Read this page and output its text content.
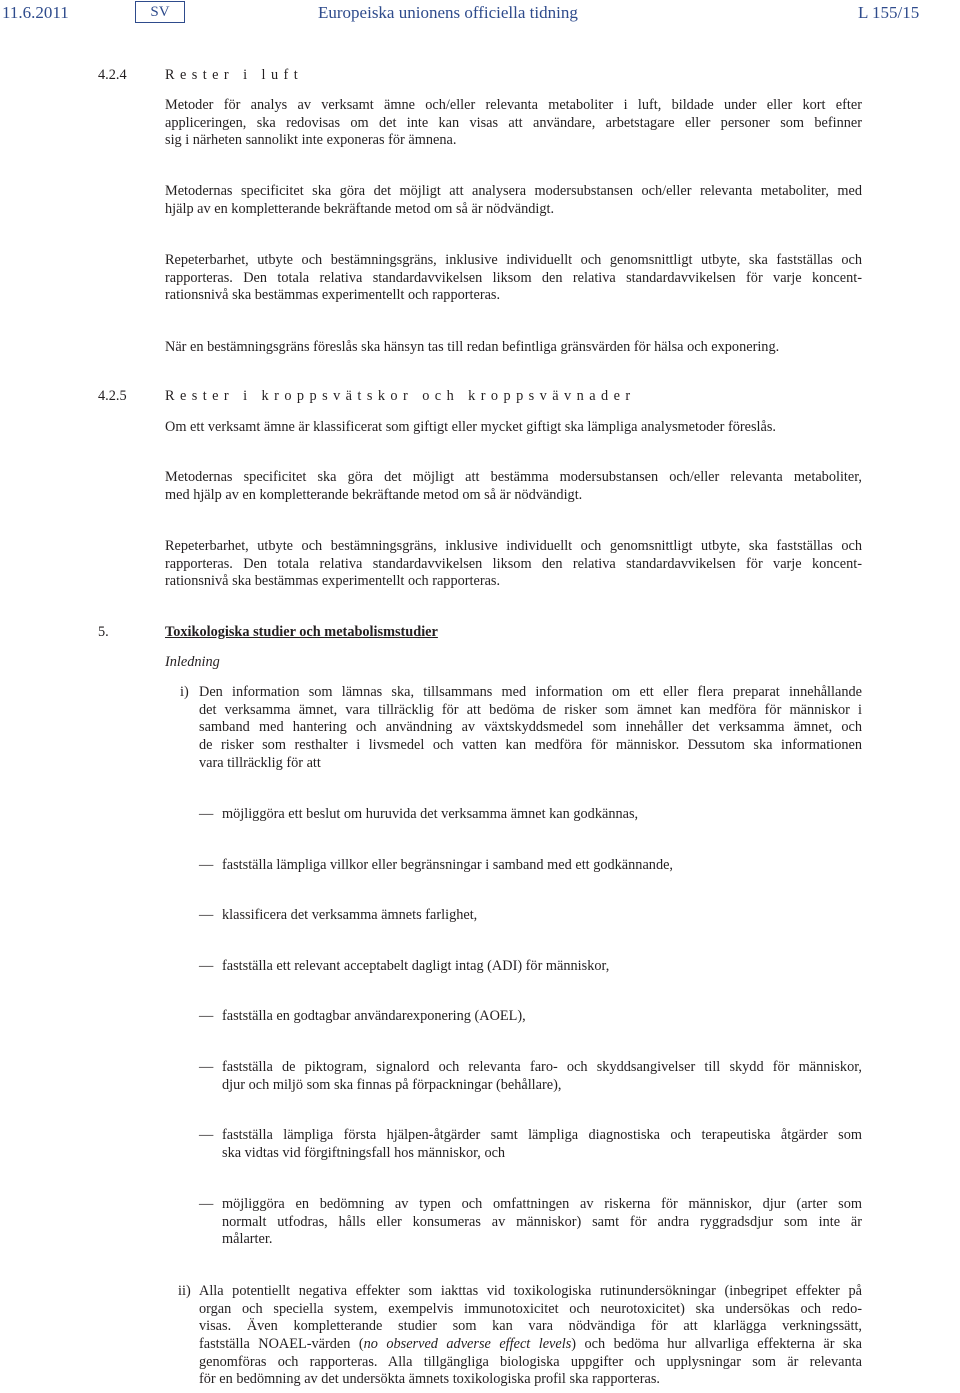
11.6.2011	SV	Europeiska unionens officiella tidning	L 155/15
4.2.4	Rester i luft
Metoder för analys av verksamt ämne och/eller relevanta metaboliter i luft, bildade under eller kort efter
appliceringen, ska redovisas om det inte kan visas att användare, arbetstagare eller personer som befinner
sig i närheten sannolikt inte exponeras för ämnena.
Metodernas specificitet ska göra det möjligt att analysera modersubstansen och/eller relevanta metaboliter, med
hjälp av en kompletterande bekräftande metod om så är nödvändigt.
Repeterbarhet, utbyte och bestämningsgräns, inklusive individuellt och genomsnittligt utbyte, ska fastställas och
rapporteras. Den totala relativa standardavvikelsen liksom den relativa standardavvikelsen för varje koncent-
rationsnivå ska bestämmas experimentellt och rapporteras.
När en bestämningsgräns föreslås ska hänsyn tas till redan befintliga gränsvärden för hälsa och exponering.
4.2.5	Rester i kroppsvätskor och kroppsvävnader
Om ett verksamt ämne är klassificerat som giftigt eller mycket giftigt ska lämpliga analysmetoder föreslås.
Metodernas specificitet ska göra det möjligt att bestämma modersubstansen och/eller relevanta metaboliter,
med hjälp av en kompletterande bekräftande metod om så är nödvändigt.
Repeterbarhet, utbyte och bestämningsgräns, inklusive individuellt och genomsnittligt utbyte, ska fastställas och
rapporteras. Den totala relativa standardavvikelsen liksom den relativa standardavvikelsen för varje koncent-
rationsnivå ska bestämmas experimentellt och rapporteras.
5.	Toxikologiska studier och metabolismstudier
Inledning
i) Den information som lämnas ska, tillsammans med information om ett eller flera preparat innehållande
det verksamma ämnet, vara tillräcklig för att bedöma de risker som ämnet kan medföra för människor i
samband med hantering och användning av växtskyddsmedel som innehåller det verksamma ämnet, och
de risker som resthalter i livsmedel och vatten kan medföra för människor. Dessutom ska informationen
vara tillräcklig för att
— möjliggöra ett beslut om huruvida det verksamma ämnet kan godkännas,
— fastställa lämpliga villkor eller begränsningar i samband med ett godkännande,
— klassificera det verksamma ämnets farlighet,
— fastställa ett relevant acceptabelt dagligt intag (ADI) för människor,
— fastställa en godtagbar användarexponering (AOEL),
— fastställa de piktogram, signalord och relevanta faro- och skyddsangivelser till skydd för människor,
djur och miljö som ska finnas på förpackningar (behållare),
— fastställa lämpliga första hjälpen-åtgärder samt lämpliga diagnostiska och terapeutiska åtgärder som
ska vidtas vid förgiftningsfall hos människor, och
— möjliggöra en bedömning av typen och omfattningen av riskerna för människor, djur (arter som
normalt utfodras, hålls eller konsumeras av människor) samt för andra ryggradsdjur som inte är
målarter.
ii) Alla potentiellt negativa effekter som iakttas vid toxikologiska rutinundersökningar (inbegripet effekter på
organ och speciella system, exempelvis immunotoxicitet och neurotoxicitet) ska undersökas och redo-
visas. Även kompletterande studier som kan vara nödvändiga för att klarlägga verkningssätt,
fastställa NOAEL-värden (no observed adverse effect levels) och bedöma hur allvarliga effekterna är ska
genomföras och rapporteras. Alla tillgängliga biologiska uppgifter och upplysningar som är relevanta
för en bedömning av det undersökta ämnets toxikologiska profil ska rapporteras.
